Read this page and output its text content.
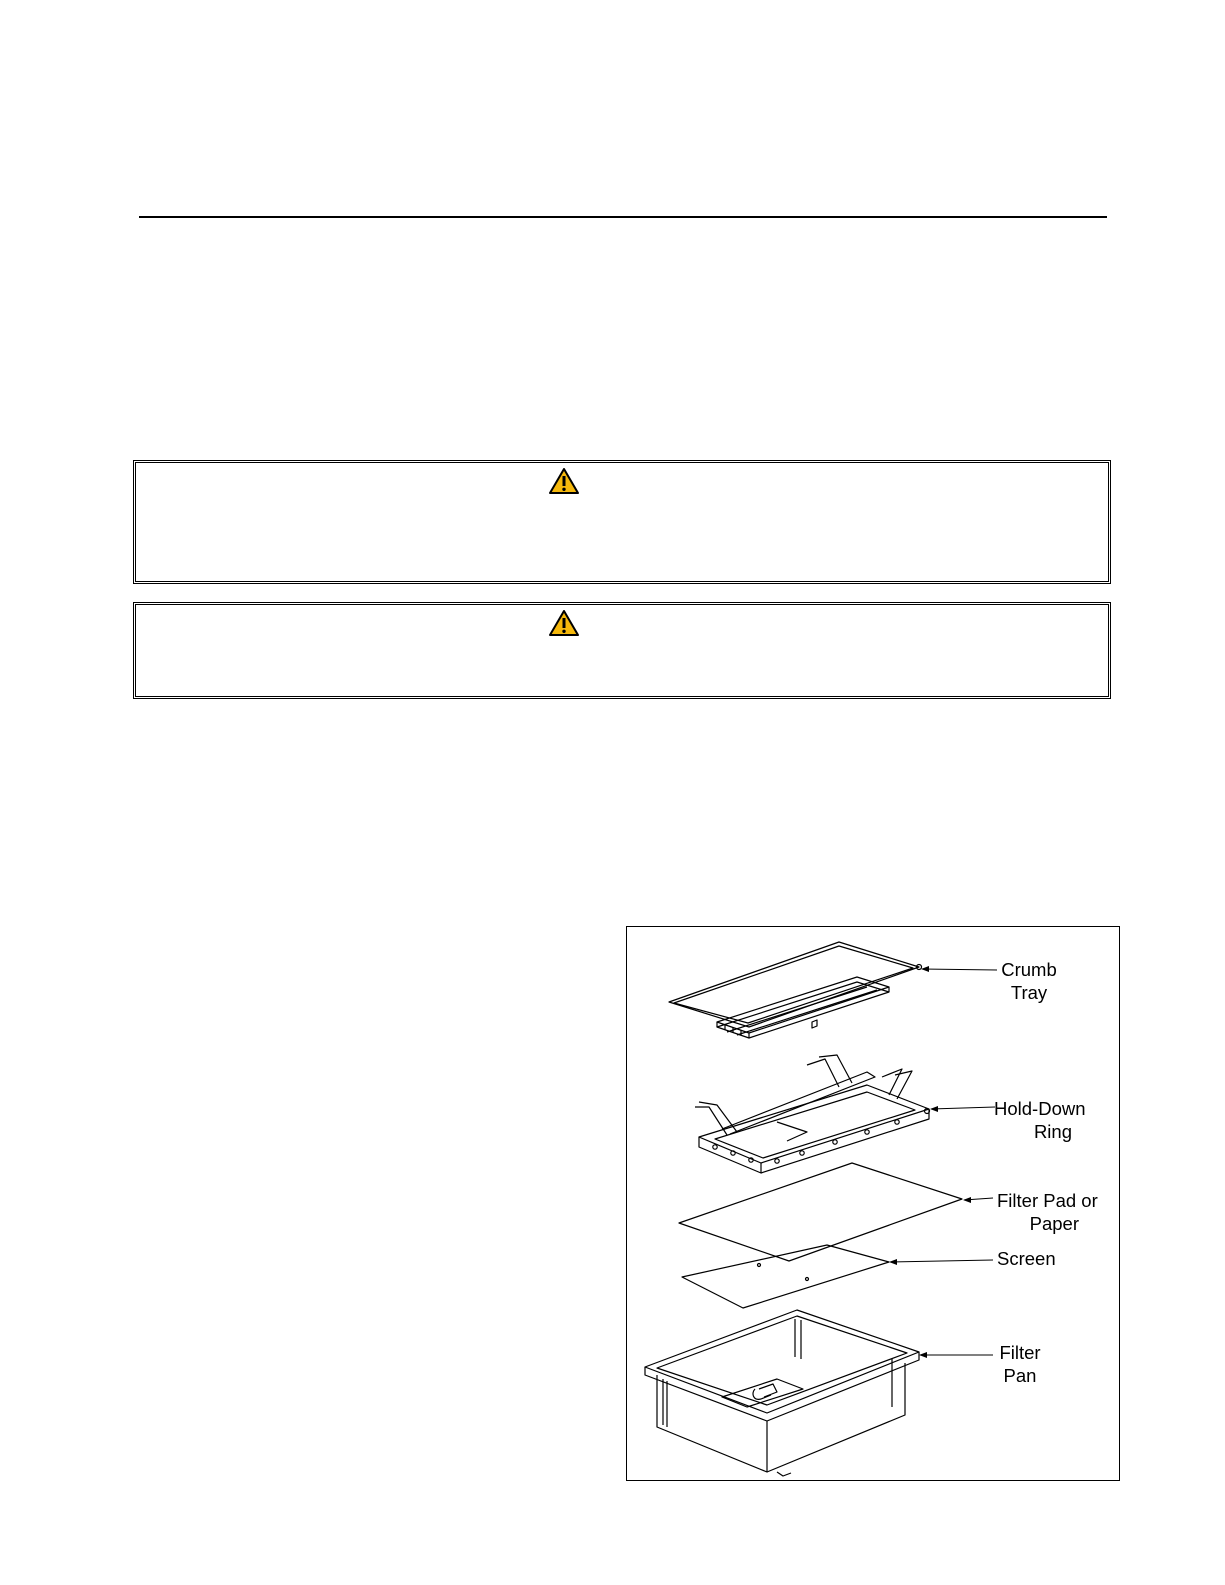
Crumb
Tray
Hold-Down
Ring
Filter Pad or
Paper
Screen
Filter
Pan
